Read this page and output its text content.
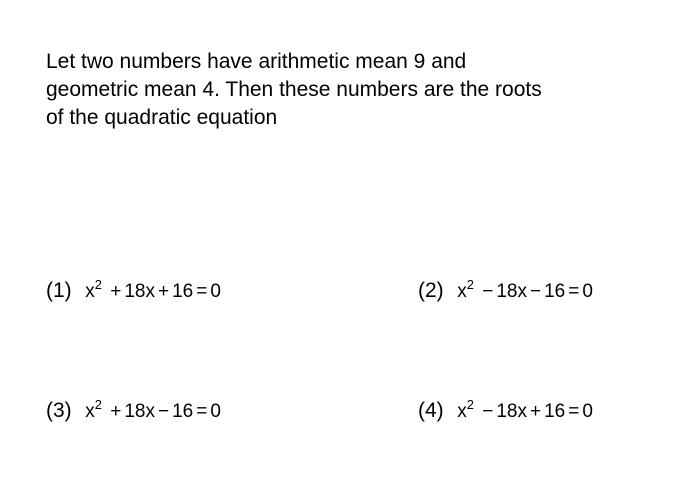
Let two numbers have arithmetic mean 9 and
geometric mean 4. Then these numbers are the roots
of the quadratic equation

(1) $x^2 + 18x + 16 = 0$	(2) $x^2 - 18x - 16 = 0$
(3) $x^2 + 18x - 16 = 0$	(4) $x^2 - 18x + 16 = 0$
